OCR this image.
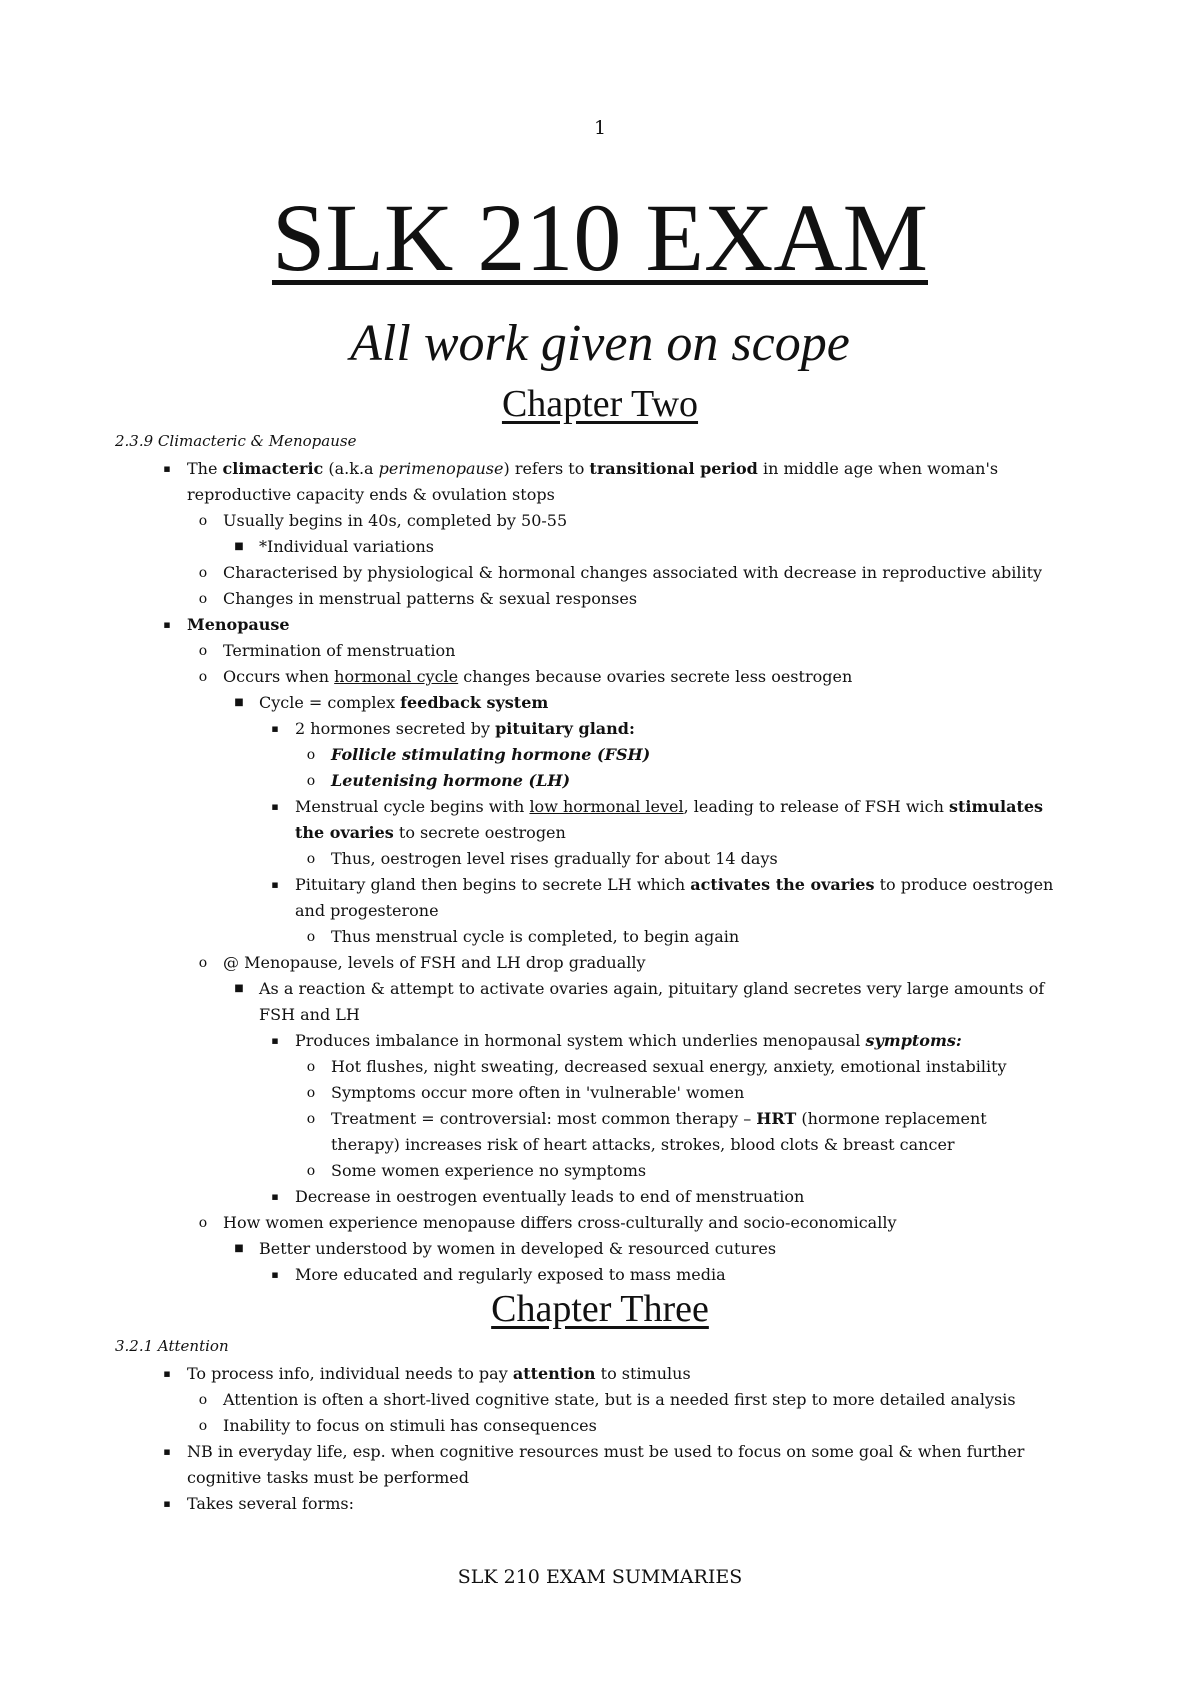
1
SLK 210 EXAM
All work given on scope
Chapter Two
2.3.9 Climacteric & Menopause
▪	The climacteric (a.k.a perimenopause) refers to transitional period in middle age when woman's
reproductive capacity ends & ovulation stops
o Usually begins in 40s, completed by 50-55
■ *Individual variations
o Characterised by physiological & hormonal changes associated with decrease in reproductive ability
o Changes in menstrual patterns & sexual responses
▪	Menopause
o Termination of menstruation
o Occurs when hormonal cycle changes because ovaries secrete less oestrogen
■ Cycle = complex feedback system
▪	2 hormones secreted by pituitary gland:
o Follicle stimulating hormone (FSH)
o Leutenising hormone (LH)
▪	Menstrual cycle begins with low hormonal level, leading to release of FSH wich stimulates
the ovaries to secrete oestrogen
o Thus, oestrogen level rises gradually for about 14 days
▪	Pituitary gland then begins to secrete LH which activates the ovaries to produce oestrogen
and progesterone
o Thus menstrual cycle is completed, to begin again
o @ Menopause, levels of FSH and LH drop gradually
■ As a reaction & attempt to activate ovaries again, pituitary gland secretes very large amounts of
FSH and LH
▪	Produces imbalance in hormonal system which underlies menopausal symptoms:
o Hot flushes, night sweating, decreased sexual energy, anxiety, emotional instability
o Symptoms occur more often in 'vulnerable' women
o Treatment = controversial: most common therapy – HRT (hormone replacement
therapy) increases risk of heart attacks, strokes, blood clots & breast cancer
o Some women experience no symptoms
▪	Decrease in oestrogen eventually leads to end of menstruation
o How women experience menopause differs cross-culturally and socio-economically
■ Better understood by women in developed & resourced cutures
▪	More educated and regularly exposed to mass media
Chapter Three
3.2.1 Attention
▪	To process info, individual needs to pay attention to stimulus
o Attention is often a short-lived cognitive state, but is a needed first step to more detailed analysis
o Inability to focus on stimuli has consequences
▪	NB in everyday life, esp. when cognitive resources must be used to focus on some goal & when further
cognitive tasks must be performed
▪	Takes several forms:
SLK 210 EXAM SUMMARIES
